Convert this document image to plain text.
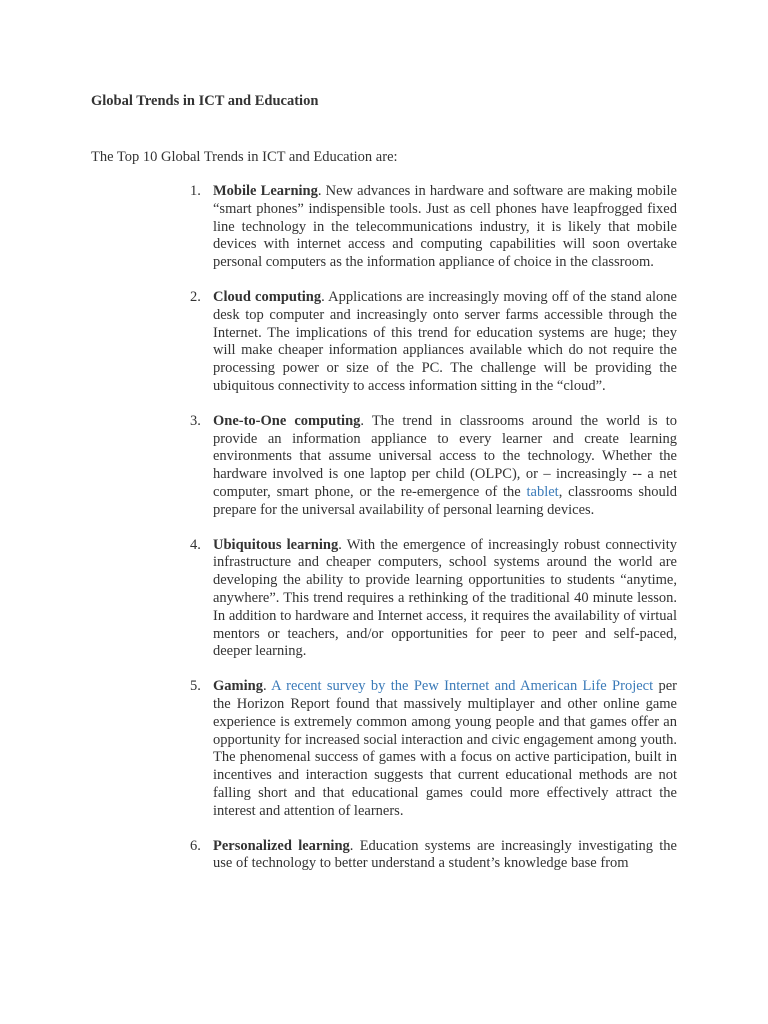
Global Trends in ICT and Education

The Top 10 Global Trends in ICT and Education are:

1. Mobile Learning. New advances in hardware and software are making mobile “smart phones” indispensible tools. Just as cell phones have leapfrogged fixed line technology in the telecommunications industry, it is likely that mobile devices with internet access and computing capabilities will soon overtake personal computers as the information appliance of choice in the classroom.
2. Cloud computing. Applications are increasingly moving off of the stand alone desk top computer and increasingly onto server farms accessible through the Internet. The implications of this trend for education systems are huge; they will make cheaper information appliances available which do not require the processing power or size of the PC. The challenge will be providing the ubiquitous connectivity to access information sitting in the “cloud”.
3. One-to-One computing. The trend in classrooms around the world is to provide an information appliance to every learner and create learning environments that assume universal access to the technology. Whether the hardware involved is one laptop per child (OLPC), or – increasingly -- a net computer, smart phone, or the re-emergence of the tablet, classrooms should prepare for the universal availability of personal learning devices.
4. Ubiquitous learning. With the emergence of increasingly robust connectivity infrastructure and cheaper computers, school systems around the world are developing the ability to provide learning opportunities to students “anytime, anywhere”. This trend requires a rethinking of the traditional 40 minute lesson. In addition to hardware and Internet access, it requires the availability of virtual mentors or teachers, and/or opportunities for peer to peer and self-paced, deeper learning.
5. Gaming. A recent survey by the Pew Internet and American Life Project per the Horizon Report found that massively multiplayer and other online game experience is extremely common among young people and that games offer an opportunity for increased social interaction and civic engagement among youth. The phenomenal success of games with a focus on active participation, built in incentives and interaction suggests that current educational methods are not falling short and that educational games could more effectively attract the interest and attention of learners.
6. Personalized learning. Education systems are increasingly investigating the use of technology to better understand a student’s knowledge base from
